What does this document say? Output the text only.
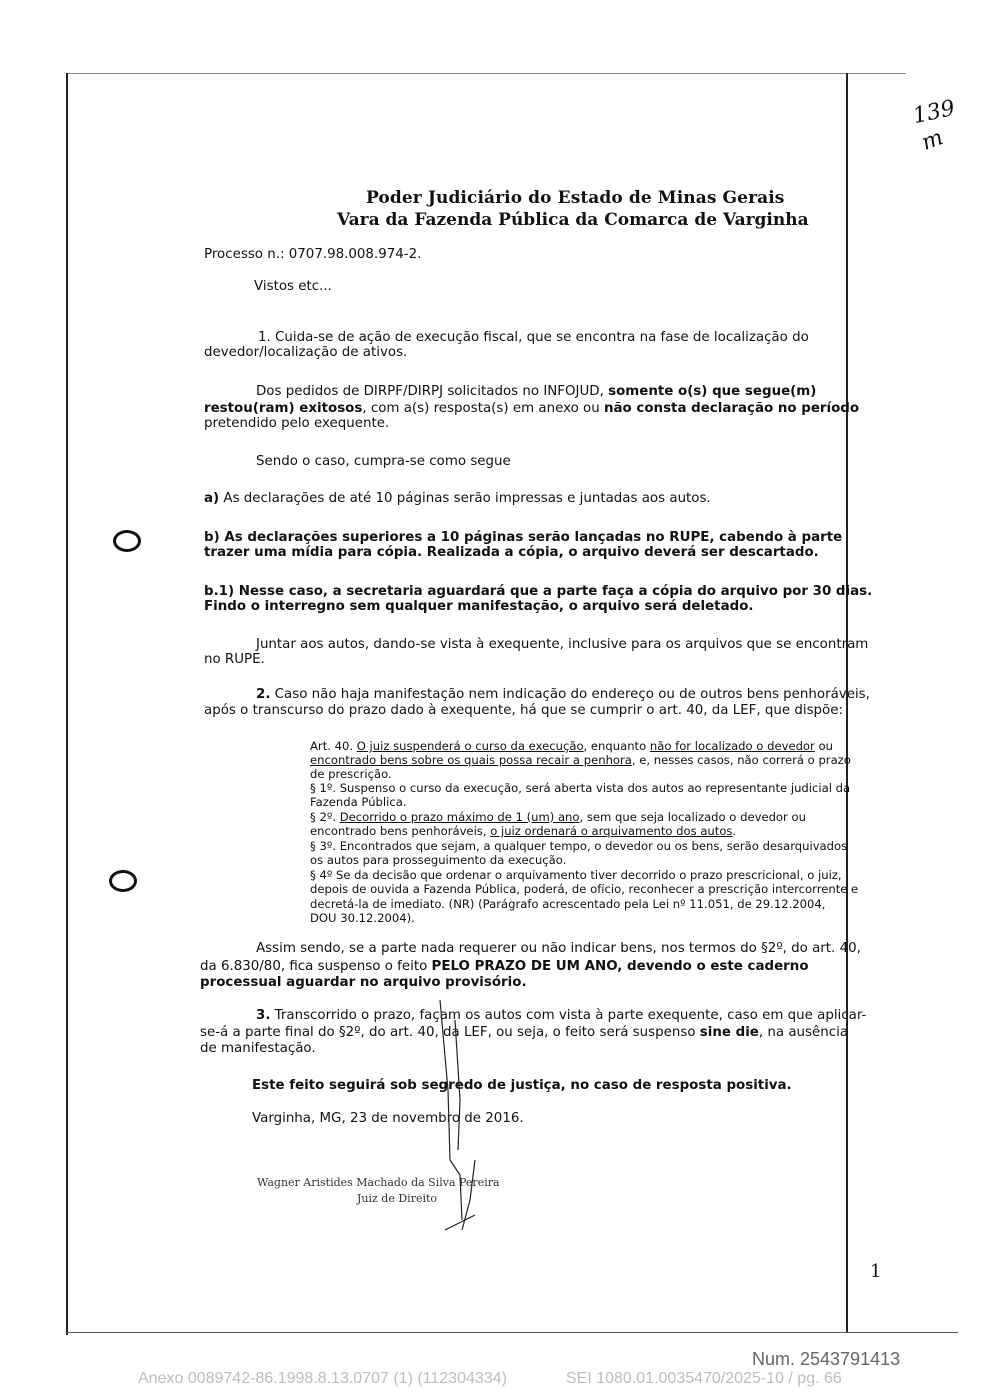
139
m
Poder Judiciário do Estado de Minas Gerais
Vara da Fazenda Pública da Comarca de Varginha
Processo n.: 0707.98.008.974-2.
Vistos etc...
1. Cuida-se de ação de execução fiscal, que se encontra na fase de localização do
devedor/localização de ativos.
Dos pedidos de DIRPF/DIRPJ solicitados no INFOJUD, somente o(s) que segue(m)
restou(ram) exitosos, com a(s) resposta(s) em anexo ou não consta declaração no período
pretendido pelo exequente.
Sendo o caso, cumpra-se como segue
a) As declarações de até 10 páginas serão impressas e juntadas aos autos.
b) As declarações superiores a 10 páginas serão lançadas no RUPE, cabendo à parte
trazer uma mídia para cópia. Realizada a cópia, o arquivo deverá ser descartado.
b.1) Nesse caso, a secretaria aguardará que a parte faça a cópia do arquivo por 30 dias.
Findo o interregno sem qualquer manifestação, o arquivo será deletado.
Juntar aos autos, dando-se vista à exequente, inclusive para os arquivos que se encontram
no RUPE.
2. Caso não haja manifestação nem indicação do endereço ou de outros bens penhoráveis,
após o transcurso do prazo dado à exequente, há que se cumprir o art. 40, da LEF, que dispõe:
Art. 40. O juiz suspenderá o curso da execução, enquanto não for localizado o devedor ou
encontrado bens sobre os quais possa recair a penhora, e, nesses casos, não correrá o prazo
de prescrição.
§ 1º. Suspenso o curso da execução, será aberta vista dos autos ao representante judicial da
Fazenda Pública.
§ 2º. Decorrido o prazo máximo de 1 (um) ano, sem que seja localizado o devedor ou
encontrado bens penhoráveis, o juiz ordenará o arquivamento dos autos.
§ 3º. Encontrados que sejam, a qualquer tempo, o devedor ou os bens, serão desarquivados
os autos para prosseguimento da execução.
§ 4º Se da decisão que ordenar o arquivamento tiver decorrido o prazo prescricional, o juiz,
depois de ouvida a Fazenda Pública, poderá, de ofício, reconhecer a prescrição intercorrente e
decretá-la de imediato. (NR) (Parágrafo acrescentado pela Lei nº 11.051, de 29.12.2004,
DOU 30.12.2004).
Assim sendo, se a parte nada requerer ou não indicar bens, nos termos do §2º, do art. 40,
da 6.830/80, fica suspenso o feito PELO PRAZO DE UM ANO, devendo o este caderno
processual aguardar no arquivo provisório.
3. Transcorrido o prazo, façam os autos com vista à parte exequente, caso em que aplicar-
se-á a parte final do §2º, do art. 40, da LEF, ou seja, o feito será suspenso sine die, na ausência
de manifestação.
Este feito seguirá sob segredo de justiça, no caso de resposta positiva.
Varginha, MG, 23 de novembro de 2016.
Wagner Aristides Machado da Silva Pereira
Juiz de Direito
1
Num. 2543791413
Anexo 0089742-86.1998.8.13.0707 (1) (112304334)	SEI 1080.01.0035470/2025-10 / pg. 66
